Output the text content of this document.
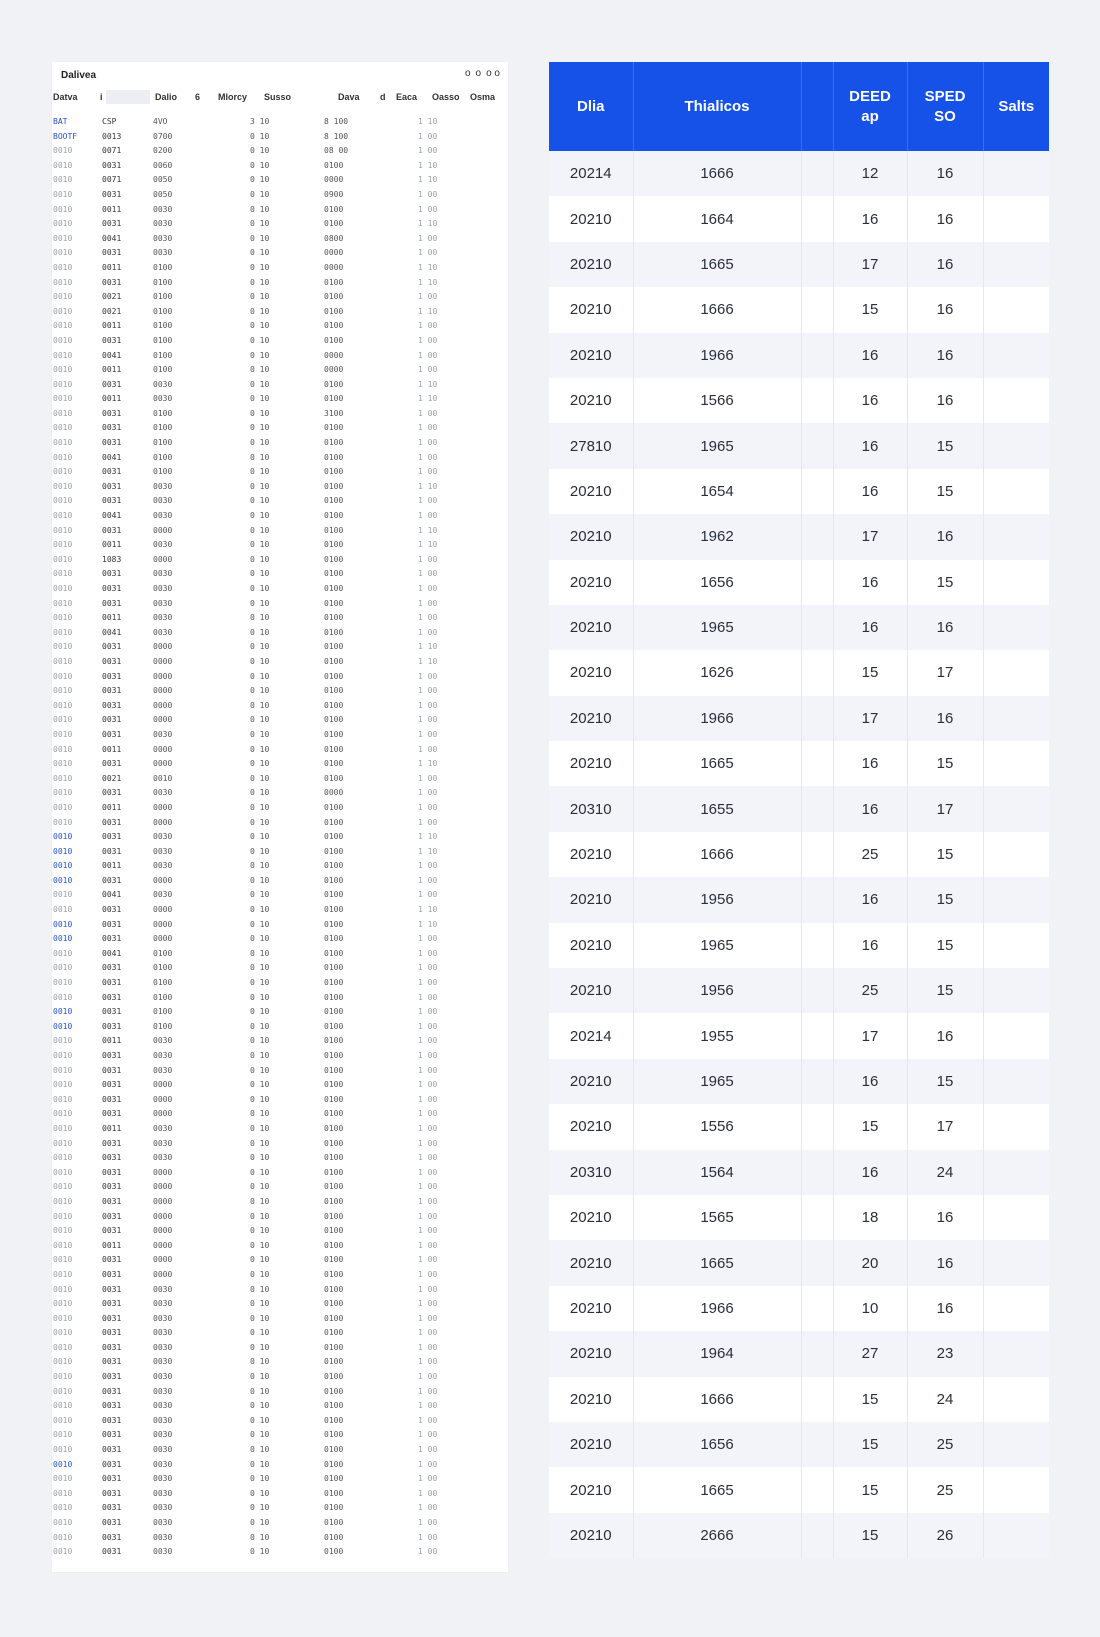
Dalivea	o o o o
Datva i	Dalio 6 Mlorcy Susso	Dava d Eaca Oasso Osma
BAT	CSP	4VO	3 10	8 100	1 10
BOOTF	0013	0700	0 10	8 100	1 00
0010	0071	0200	0 10	08 00	1 00
0010	0031	0060	0 10	0100	1 10
0010	0071	0050	0 10	0000	1 10
0010	0031	0050	0 10	0900	1 00
0010	0011	0030	0 10	0100	1 00
0010	0031	0030	0 10	0100	1 10
0010	0041	0030	0 10	0800	1 00
0010	0031	0030	0 10	0000	1 00
0010	0011	0100	0 10	0000	1 10
0010	0031	0100	0 10	0100	1 10
0010	0021	0100	0 10	0100	1 00
0010	0021	0100	0 10	0100	1 10
0010	0011	0100	0 10	0100	1 00
0010	0031	0100	0 10	0100	1 00
0010	0041	0100	0 10	0000	1 00
0010	0011	0100	0 10	0000	1 00
0010	0031	0030	0 10	0100	1 10
0010	0011	0030	0 10	0100	1 10
0010	0031	0100	0 10	3100	1 00
0010	0031	0100	0 10	0100	1 00
0010	0031	0100	0 10	0100	1 00
0010	0041	0100	0 10	0100	1 00
0010	0031	0100	0 10	0100	1 00
0010	0031	0030	0 10	0100	1 10
0010	0031	0030	0 10	0100	1 00
0010	0041	0030	0 10	0100	1 00
0010	0031	0000	0 10	0100	1 10
0010	0011	0030	0 10	0100	1 10
0010	1083	0000	0 10	0100	1 00
0010	0031	0030	0 10	0100	1 00
0010	0031	0030	0 10	0100	1 00
0010	0031	0030	0 10	0100	1 00
0010	0011	0030	0 10	0100	1 00
0010	0041	0030	0 10	0100	1 00
0010	0031	0000	0 10	0100	1 10
0010	0031	0000	0 10	0100	1 10
0010	0031	0000	0 10	0100	1 00
0010	0031	0000	0 10	0100	1 00
0010	0031	0000	0 10	0100	1 00
0010	0031	0000	0 10	0100	1 00
0010	0031	0030	0 10	0100	1 00
0010	0011	0000	0 10	0100	1 00
0010	0031	0000	0 10	0100	1 10
0010	0021	0010	0 10	0100	1 00
0010	0031	0030	0 10	0000	1 00
0010	0011	0000	0 10	0100	1 00
0010	0031	0000	0 10	0100	1 00
0010	0031	0030	0 10	0100	1 10
0010	0031	0030	0 10	0100	1 10
0010	0011	0030	0 10	0100	1 00
0010	0031	0000	0 10	0100	1 00
0010	0041	0030	0 10	0100	1 00
0010	0031	0000	0 10	0100	1 10
0010	0031	0000	0 10	0100	1 10
0010	0031	0000	0 10	0100	1 00
0010	0041	0100	0 10	0100	1 00
0010	0031	0100	0 10	0100	1 00
0010	0031	0100	0 10	0100	1 00
0010	0031	0100	0 10	0100	1 00
0010	0031	0100	0 10	0100	1 00
0010	0031	0100	0 10	0100	1 00
0010	0011	0030	0 10	0100	1 00
0010	0031	0030	0 10	0100	1 00
0010	0031	0030	0 10	0100	1 00
0010	0031	0000	0 10	0100	1 00
0010	0031	0000	0 10	0100	1 00
0010	0031	0000	0 10	0100	1 00
0010	0011	0030	0 10	0100	1 00
0010	0031	0030	0 10	0100	1 00
0010	0031	0030	0 10	0100	1 00
0010	0031	0000	0 10	0100	1 00
0010	0031	0000	0 10	0100	1 00
0010	0031	0000	0 10	0100	1 00
0010	0031	0000	0 10	0100	1 00
0010	0031	0000	0 10	0100	1 00
0010	0011	0000	0 10	0100	1 00
0010	0031	0000	0 10	0100	1 00
0010	0031	0000	0 10	0100	1 00
0010	0031	0030	0 10	0100	1 00
0010	0031	0030	0 10	0100	1 00
0010	0031	0030	0 10	0100	1 00
0010	0031	0030	0 10	0100	1 00
0010	0031	0030	0 10	0100	1 00
0010	0031	0030	0 10	0100	1 00
0010	0031	0030	0 10	0100	1 00
0010	0031	0030	0 10	0100	1 00
0010	0031	0030	0 10	0100	1 00
0010	0031	0030	0 10	0100	1 00
0010	0031	0030	0 10	0100	1 00
0010	0031	0030	0 10	0100	1 00
0010	0031	0030	0 10	0100	1 00
0010	0031	0030	0 10	0100	1 00
0010	0031	0030	0 10	0100	1 00
0010	0031	0030	0 10	0100	1 00
0010	0031	0030	0 10	0100	1 00
0010	0031	0030	0 10	0100	1 00
0010	0031	0030	0 10	0100	1 00
Dlia	Thialicos		DEED ap	SPED SO	Salts
20214	1666		12	16	
20210	1664		16	16	
20210	1665		17	16	
20210	1666		15	16	
20210	1966		16	16	
20210	1566		16	16	
27810	1965		16	15	
20210	1654		16	15	
20210	1962		17	16	
20210	1656		16	15	
20210	1965		16	16	
20210	1626		15	17	
20210	1966		17	16	
20210	1665		16	15	
20310	1655		16	17	
20210	1666		25	15	
20210	1956		16	15	
20210	1965		16	15	
20210	1956		25	15	
20214	1955		17	16	
20210	1965		16	15	
20210	1556		15	17	
20310	1564		16	24	
20210	1565		18	16	
20210	1665		20	16	
20210	1966		10	16	
20210	1964		27	23	
20210	1666		15	24	
20210	1656		15	25	
20210	1665		15	25	
20210	2666		15	26	
